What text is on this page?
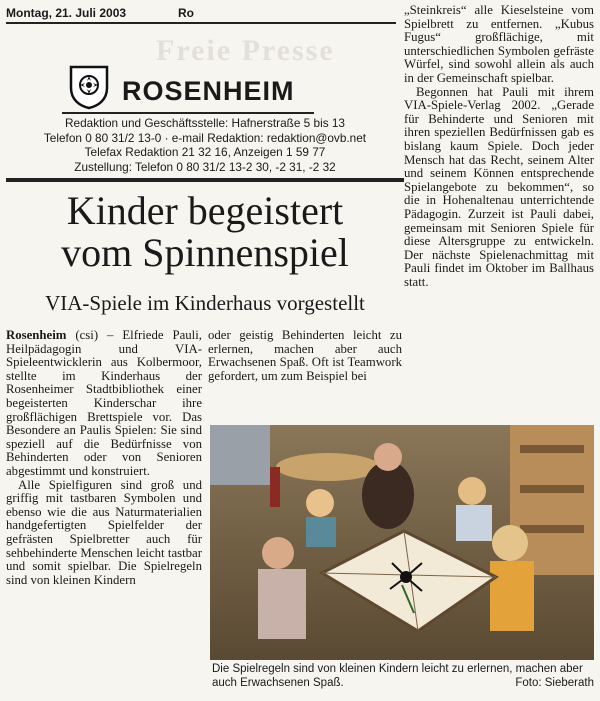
Montag, 21. Juli 2003	Ro
Freie Presse
ROSENHEIM
Redaktion und Geschäftsstelle: Hafnerstraße 5 bis 13
Telefon 0 80 31/2 13-0 · e-mail Redaktion: redaktion@ovb.net
Telefax Redaktion 21 32 16, Anzeigen 1 59 77
Zustellung: Telefon 0 80 31/2 13-2 30, -2 31, -2 32
Kinder begeistert
vom Spinnenspiel
VIA-Spiele im Kinderhaus vorgestellt

Rosenheim (csi) – Elfriede Pauli, Heilpädagogin und VIA-Spieleentwicklerin aus Kolbermoor, stellte im Kinderhaus der Rosenheimer Stadtbibliothek einer begeisterten Kinderschar ihre großflächigen Brettspiele vor. Das Besondere an Paulis Spielen: Sie sind speziell auf die Bedürfnisse von Behinderten oder von Senioren abgestimmt und konstruiert.

Alle Spielfiguren sind groß und griffig mit tastbaren Symbolen und ebenso wie die aus Naturmaterialien handgefertigten Spielfelder der gefrästen Spielbretter auch für sehbehinderte Menschen leicht tastbar und somit spielbar. Die Spielregeln sind von kleinen Kindern

oder geistig Behinderten leicht zu erlernen, machen aber auch Erwachsenen Spaß. Oft ist Teamwork gefordert, um zum Beispiel bei

„Steinkreis“ alle Kieselsteine vom Spielbrett zu entfernen. „Kubus Fugus“ großflächige, mit unterschiedlichen Symbolen gefräste Würfel, sind sowohl allein als auch in der Gemeinschaft spielbar.

Begonnen hat Pauli mit ihrem VIA-Spiele-Verlag 2002. „Gerade für Behinderte und Senioren mit ihren speziellen Bedürfnissen gab es bislang kaum Spiele. Doch jeder Mensch hat das Recht, seinem Alter und seinem Können entsprechende Spielangebote zu bekommen“, so die in Hohenaltenau unterrichtende Pädagogin. Zurzeit ist Pauli dabei, gemeinsam mit Senioren Spiele für diese Altersgruppe zu entwickeln. Der nächste Spielenachmittag mit Pauli findet im Oktober im Ballhaus statt.

Die Spielregeln sind von kleinen Kindern leicht zu erlernen, machen aber auch Erwachsenen Spaß.	Foto: Sieberath
